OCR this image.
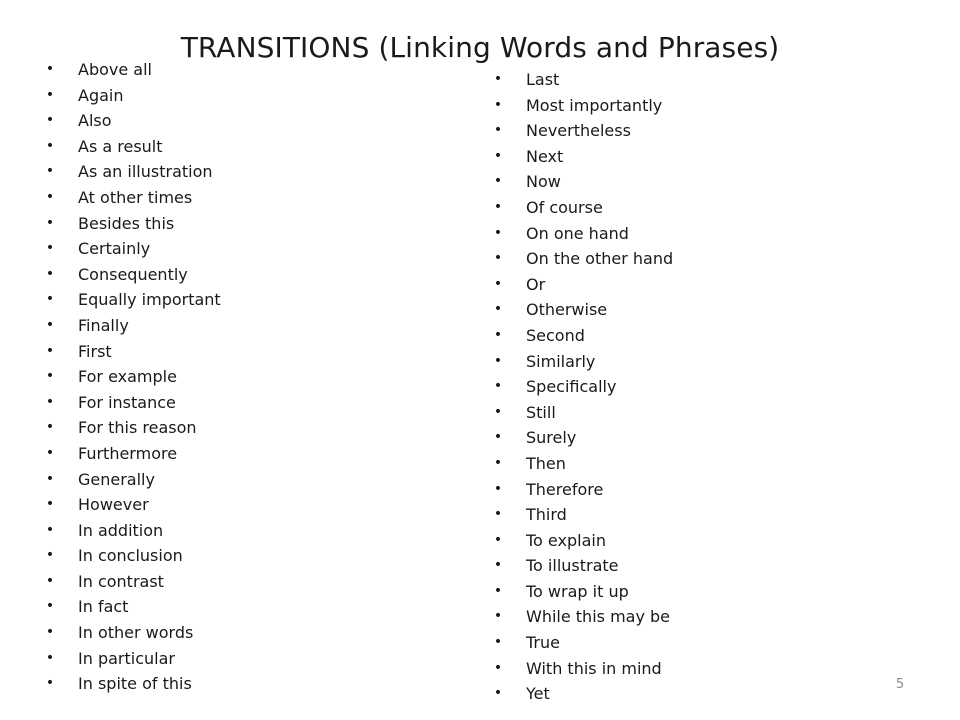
TRANSITIONS (Linking Words and Phrases)
• Above all
• Again
• Also
• As a result
• As an illustration
• At other times
• Besides this
• Certainly
• Consequently
• Equally important
• Finally
• First
• For example
• For instance
• For this reason
• Furthermore
• Generally
• However
• In addition
• In conclusion
• In contrast
• In fact
• In other words
• In particular
• In spite of this
• Last
• Most importantly
• Nevertheless
• Next
• Now
• Of course
• On one hand
• On the other hand
• Or
• Otherwise
• Second
• Similarly
• Specifically
• Still
• Surely
• Then
• Therefore
• Third
• To explain
• To illustrate
• To wrap it up
• While this may be
• True
• With this in mind
• Yet	5
